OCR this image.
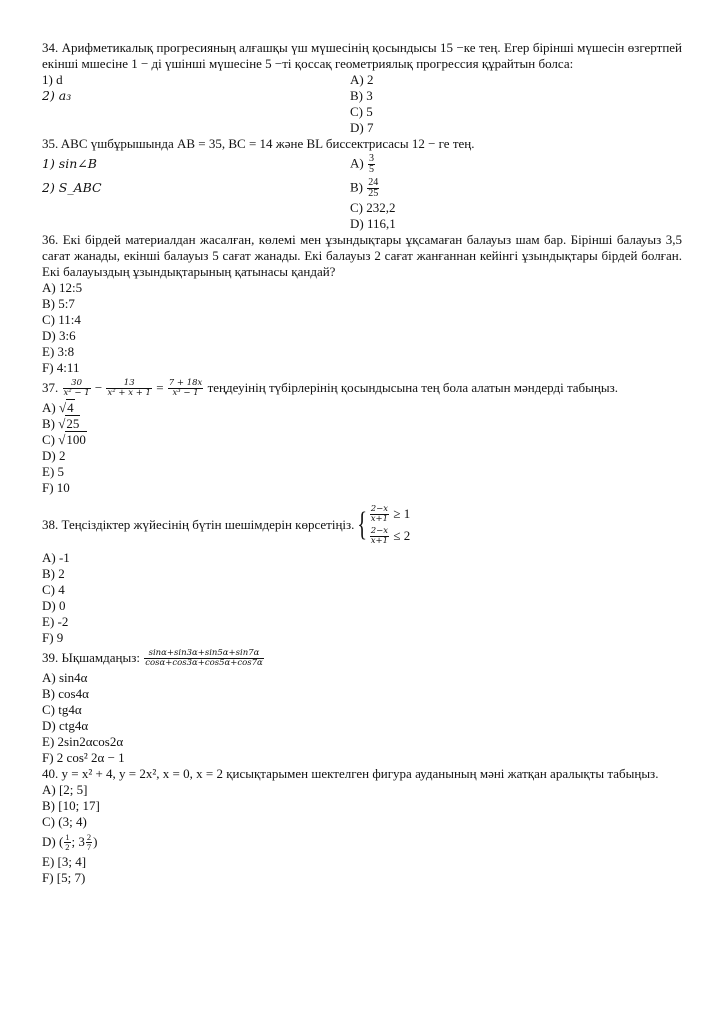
34. Арифметикалық прогресияның алғашқы үш мүшесінің қосындысы 15 −ке тең. Егер бірінші мүшесін өзгертпей екінші мшесіне 1 − ді үшінші мүшесіне 5 −ті қоссақ геометриялық прогрессия құрайтын болса:

1) d	A) 2
2) a₃	B) 3
C) 5
D) 7

35. ABC үшбұрышында AB = 35, BC = 14 және BL биссектрисасы 12 − ге тең.

1) sin∠B	$A) \frac{3}{5}$
2) S_ABC	$B) \frac{24}{25}$
C) 232,2
D) 116,1

36. Екі бірдей материалдан жасалған, көлемі мен ұзындықтары ұқсамаған балауыз шам бар. Бірінші балауыз 3,5 сағат жанады, екінші балауыз 5 сағат жанады. Екі балауыз 2 сағат жанғаннан кейінгі ұзындықтары бірдей болған. Екі балауыздың ұзындықтарының қатынасы қандай?

A) 12:5
B) 5:7
C) 11:4
D) 3:6
E) 3:8
F) 4:11
37.
$\frac{30}{\text{x² − 1}}$
−
$\frac{13}{\text{x² + x + 1}}$
=
$\frac{7 + 18x}{\text{x³ − 1}}$
теңдеуінің түбірлерінің қосындысына тең бола алатын мәндерді табыңыз.
A) √4
B) √25
C) √100
D) 2
E) 5
F) 10
38. Теңсіздіктер жүйесінің бүтін шешімдерін көрсетіңіз. { $\frac{2-x}{x+1}$
≥ 1
$\frac{2-x}{x+1}$
≤ 2
A) -1
B) 2
C) 4
D) 0
E) -2
F) 9
39. Ықшамдаңыз:
$\frac{\sin\alpha+\sin 3\alpha+\sin 5\alpha+\sin 7\alpha}{\cos\alpha+\cos 3\alpha+\cos 5\alpha+\cos 7\alpha}$
A) sin4α
B) cos4α
C) tg4α
D) ctg4α
E) 2sin2αcos2α
F) 2 cos² 2α − 1

40. y = x² + 4, y = 2x², x = 0, x = 2 қисықтарымен шектелген фигура ауданының мәні жатқан аралықты табыңыз.

A) [2; 5]
B) [10; 17]
C) (3; 4)
D) ( $\frac{1}{2}$ ; $3 \frac{2}{7}$ )
E) [3; 4]
F) [5; 7)
